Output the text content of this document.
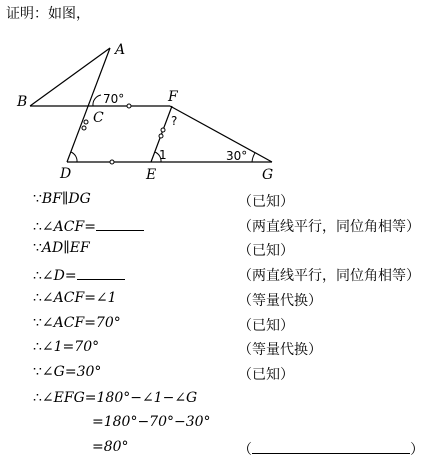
证明：如图，
A
B
C
D	E
F
G
70°
30°
1
?
∵BF∥DG	（已知）
∴∠ACF=	（两直线平行，同位角相等）
∵AD∥EF	（已知）
∴∠D=	（两直线平行，同位角相等）
∴∠ACF=∠1	（等量代换）
∵∠ACF=70°	（已知）
∴∠1=70°	（等量代换）
∵∠G=30°	（已知）
∴∠EFG=180°−∠1−∠G
=180°−70°−30°
=80°	（	）
